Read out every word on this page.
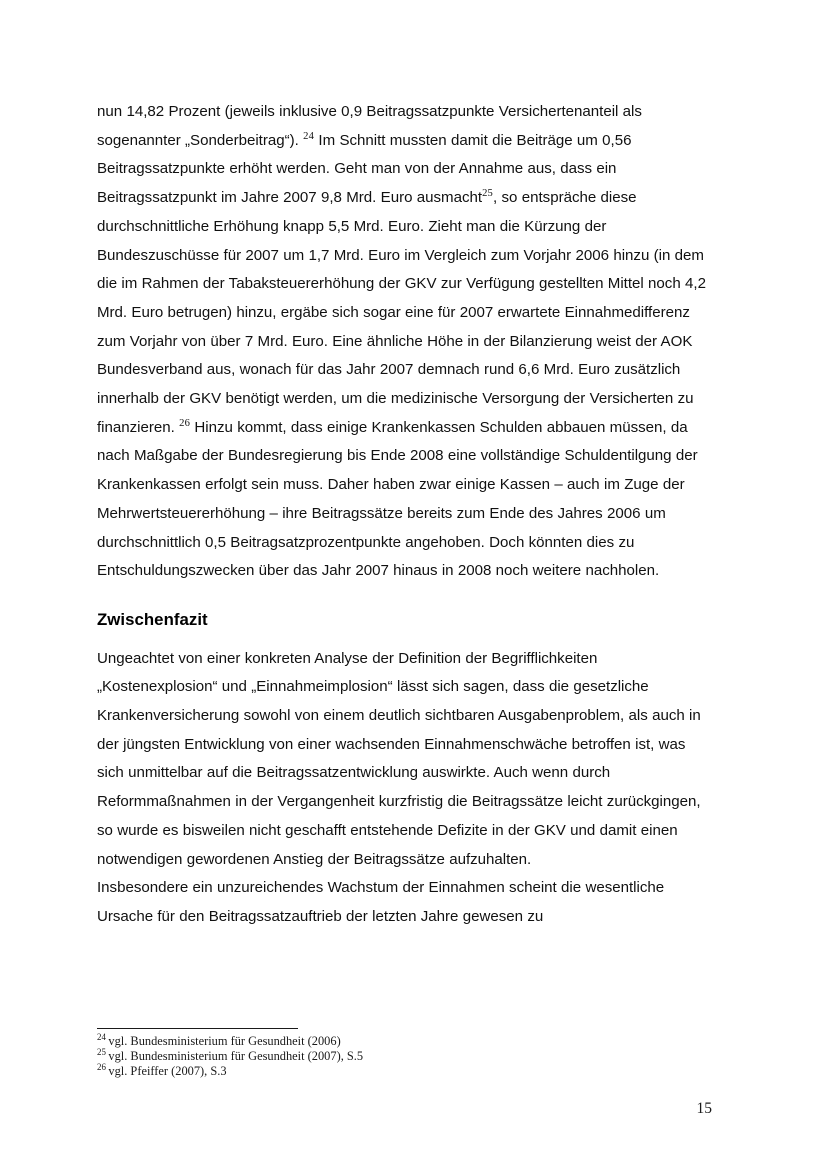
nun 14,82 Prozent (jeweils inklusive 0,9 Beitragssatzpunkte Versichertenanteil als sogenannter „Sonderbeitrag“). $^{24}$ Im Schnitt mussten damit die Beiträge um 0,56 Beitragssatzpunkte erhöht werden. Geht man von der Annahme aus, dass ein Beitragssatzpunkt im Jahre 2007 9,8 Mrd. Euro ausmacht$^{25}$, so entspräche diese durchschnittliche Erhöhung knapp 5,5 Mrd. Euro. Zieht man die Kürzung der Bundeszuschüsse für 2007 um 1,7 Mrd. Euro im Vergleich zum Vorjahr 2006 hinzu (in dem die im Rahmen der Tabaksteuererhöhung der GKV zur Verfügung gestellten Mittel noch 4,2 Mrd. Euro betrugen) hinzu, ergäbe sich sogar eine für 2007 erwartete Einnahmedifferenz zum Vorjahr von über 7 Mrd. Euro. Eine ähnliche Höhe in der Bilanzierung weist der AOK Bundesverband aus, wonach für das Jahr 2007 demnach rund 6,6 Mrd. Euro zusätzlich innerhalb der GKV benötigt werden, um die medizinische Versorgung der Versicherten zu finanzieren. $^{26}$ Hinzu kommt, dass einige Krankenkassen Schulden abbauen müssen, da nach Maßgabe der Bundesregierung bis Ende 2008 eine vollständige Schuldentilgung der Krankenkassen erfolgt sein muss. Daher haben zwar einige Kassen – auch im Zuge der Mehrwertsteuererhöhung – ihre Beitragssätze bereits zum Ende des Jahres 2006 um durchschnittlich 0,5 Beitragsatzprozentpunkte angehoben. Doch könnten dies zu Entschuldungszwecken über das Jahr 2007 hinaus in 2008 noch weitere nachholen.

Zwischenfazit

Ungeachtet von einer konkreten Analyse der Definition der Begrifflichkeiten „Kostenexplosion“ und „Einnahmeimplosion“ lässt sich sagen, dass die gesetzliche Krankenversicherung sowohl von einem deutlich sichtbaren Ausgabenproblem, als auch in der jüngsten Entwicklung von einer wachsenden Einnahmenschwäche betroffen ist, was sich unmittelbar auf die Beitragssatzentwicklung auswirkte. Auch wenn durch Reformmaßnahmen in der Vergangenheit kurzfristig die Beitragssätze leicht zurückgingen, so wurde es bisweilen nicht geschafft entstehende Defizite in der GKV und damit einen notwendigen gewordenen Anstieg der Beitragssätze aufzuhalten.

Insbesondere ein unzureichendes Wachstum der Einnahmen scheint die wesentliche Ursache für den Beitragssatzauftrieb der letzten Jahre gewesen zu

$^{24}$ vgl. Bundesministerium für Gesundheit (2006)
$^{25}$ vgl. Bundesministerium für Gesundheit (2007), S.5
$^{26}$ vgl. Pfeiffer (2007), S.3
15
